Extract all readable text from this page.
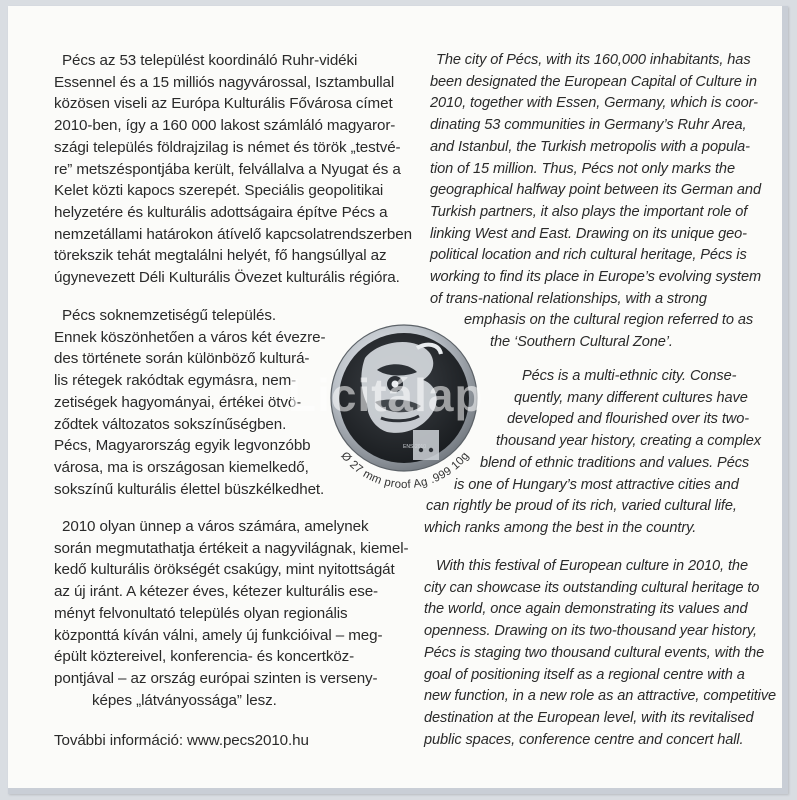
Pécs az 53 települést koordináló Ruhr-vidéki
Essennel és a 15 milliós nagyvárossal, Isztambullal
közösen viseli az Európa Kulturális Fővárosa címet
2010-ben, így a 160 000 lakost számláló magyaror-
szági település földrajzilag is német és török „testvé-
re” metszéspontjába került, felvállalva a Nyugat és a
Kelet közti kapocs szerepét. Speciális geopolitikai
helyzetére és kulturális adottságaira építve Pécs a
nemzetállami határokon átívelő kapcsolatrendszerben
törekszik tehát megtalálni helyét, fő hangsúllyal az
úgynevezett Déli Kulturális Övezet kulturális régióra.
Pécs soknemzetiségű település.
Ennek köszönhetően a város két évezre-
des története során különböző kulturá-
lis rétegek rakódtak egymásra, nem-
zetiségek hagyományai, értékei ötvö-
ződtek változatos sokszínűségben.
Pécs, Magyarország egyik legvonzóbb
városa, ma is országosan kiemelkedő,
sokszínű kulturális élettel büszkélkedhet.
2010 olyan ünnep a város számára, amelynek
során megmutathatja értékeit a nagyvilágnak, kiemel-
kedő kulturális örökségét csakúgy, mint nyitottságát
az új iránt. A kétezer éves, kétezer kulturális ese-
ményt felvonultató település olyan regionális
központtá kíván válni, amely új funkcióival – meg-
épült köztereivel, konferencia- és koncertköz-
pontjával – az ország európai szinten is verseny-
képes „látványossága” lesz.
További információ: www.pecs2010.hu
The city of Pécs, with its 160,000 inhabitants, has
been designated the European Capital of Culture in
2010, together with Essen, Germany, which is coor-
dinating 53 communities in Germany’s Ruhr Area,
and Istanbul, the Turkish metropolis with a popula-
tion of 15 million. Thus, Pécs not only marks the
geographical halfway point between its German and
Turkish partners, it also plays the important role of
linking West and East. Drawing on its unique geo-
political location and rich cultural heritage, Pécs is
working to find its place in Europe’s evolving system
of trans-national relationships, with a strong
emphasis on the cultural region referred to as
the ‘Southern Cultural Zone’.
Pécs is a multi-ethnic city. Conse-
quently, many different cultures have
developed and flourished over its two-
thousand year history, creating a complex
blend of ethnic traditions and values. Pécs
is one of Hungary’s most attractive cities and
can rightly be proud of its rich, varied cultural life,
which ranks among the best in the country.
With this festival of European culture in 2010, the
city can showcase its outstanding cultural heritage to
the world, once again demonstrating its values and
openness. Drawing on its two-thousand year history,
Pécs is staging two thousand cultural events, with the
goal of positioning itself as a regional centre with a
new function, in a new role as an attractive, competitive
destination at the European level, with its revitalised
public spaces, conference centre and concert hall.
ENS·2010
Ø 27 mm proof Ag .999 10g
Licitálap
